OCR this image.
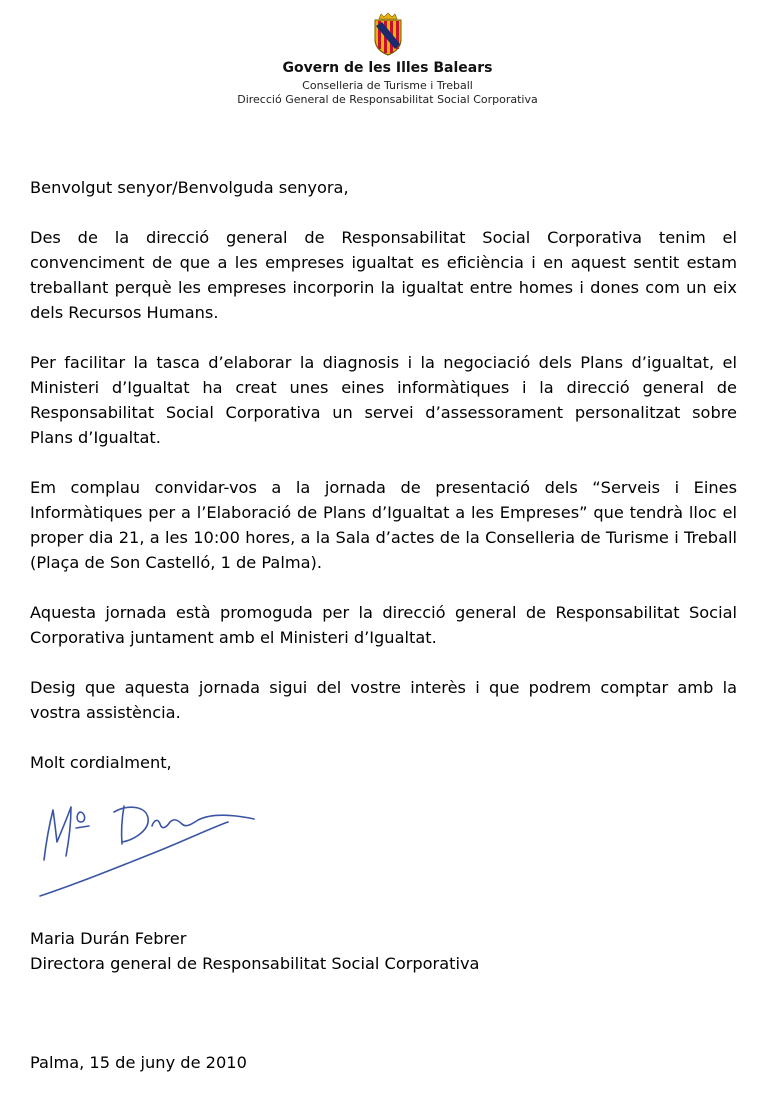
Govern de les Illes Balears
Conselleria de Turisme i Treball
Direcció General de Responsabilitat Social Corporativa

Benvolgut senyor/Benvolguda senyora,

Des de la direcció general de Responsabilitat Social Corporativa tenim el convenciment de que a les empreses igualtat es eficiència i en aquest sentit estam treballant perquè les empreses incorporin la igualtat entre homes i dones com un eix dels Recursos Humans.

Per facilitar la tasca d’elaborar la diagnosis i la negociació dels Plans d’igualtat, el Ministeri d’Igualtat ha creat unes eines informàtiques i la direcció general de Responsabilitat Social Corporativa un servei d’assessorament personalitzat sobre Plans d’Igualtat.

Em complau convidar-vos a la jornada de presentació dels “Serveis i Eines Informàtiques per a l’Elaboració de Plans d’Igualtat a les Empreses” que tendrà lloc el proper dia 21, a les 10:00 hores, a la Sala d’actes de la Conselleria de Turisme i Treball (Plaça de Son Castelló, 1 de Palma).

Aquesta jornada està promoguda per la direcció general de Responsabilitat Social Corporativa juntament amb el Ministeri d’Igualtat.

Desig que aquesta jornada sigui del vostre interès i que podrem comptar amb la vostra assistència.

Molt cordialment,

Maria Durán Febrer
Directora general de Responsabilitat Social Corporativa
Palma, 15 de juny de 2010
